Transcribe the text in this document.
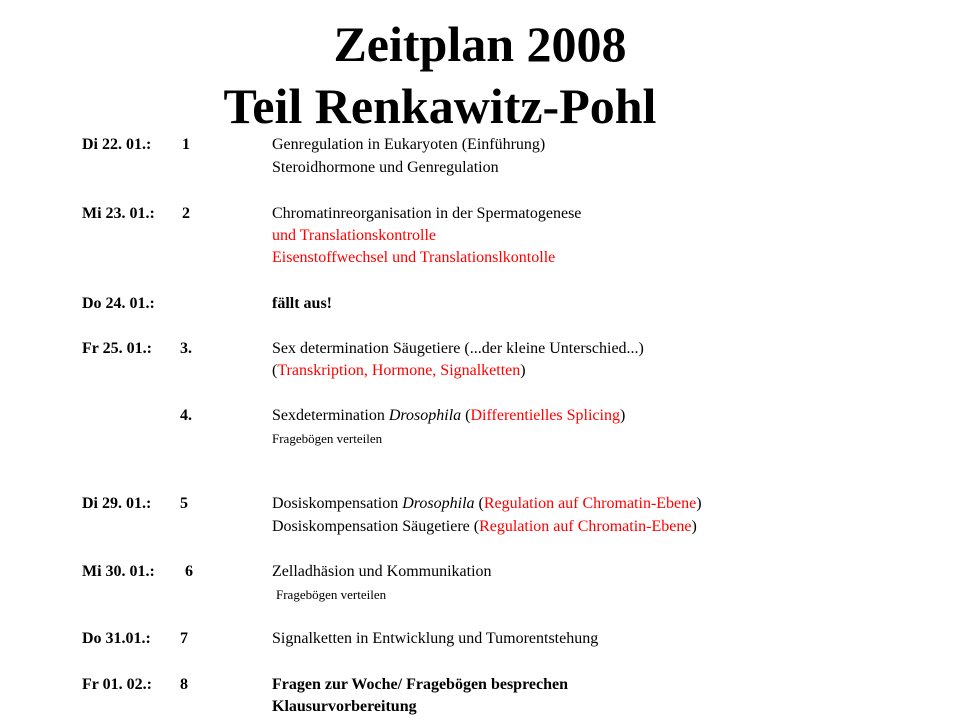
Zeitplan 2008
Teil Renkawitz-Pohl
Di 22. 01.: 1	Genregulation in Eukaryoten (Einführung)
Steroidhormone und Genregulation
Mi 23. 01.: 2	Chromatinreorganisation in der Spermatogenese
und Translationskontrolle
Eisenstoffwechsel und Translationslkontolle
Do 24. 01.:	fällt aus!
Fr 25. 01.: 3.	Sex determination Säugetiere (...der kleine Unterschied...)
(Transkription, Hormone, Signalketten)
4.	Sexdetermination Drosophila (Differentielles Splicing)
Fragebögen verteilen
Di 29. 01.: 5	Dosiskompensation Drosophila (Regulation auf Chromatin-Ebene)
Dosiskompensation Säugetiere (Regulation auf Chromatin-Ebene)
Mi 30. 01.: 6	Zelladhäsion und Kommunikation
Fragebögen verteilen
Do 31.01.: 7	Signalketten in Entwicklung und Tumorentstehung
Fr 01. 02.: 8	Fragen zur Woche/ Fragebögen besprechen
Klausurvorbereitung
